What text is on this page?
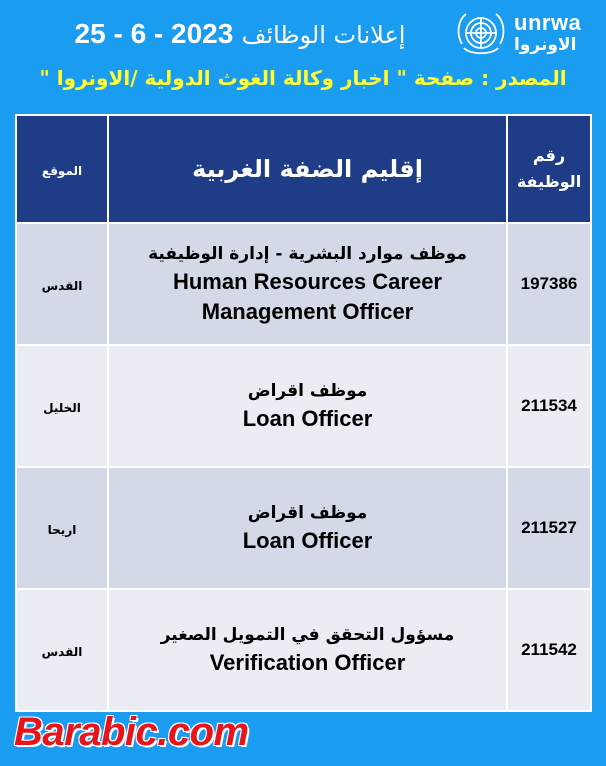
25 - 6 - 2023 إعلانات الوظائف	unrwa
الاونروا
المصدر : صفحة " اخبار وكالة الغوث الدولية /الاونروا "
الموقع	إقليم الضفة الغربية	رقم
الوظيفة

القدس	موظف موارد البشرية - إدارة الوظيفية
Human Resources Career
Management Officer	197386
الخليل	موظف اقراض
Loan Officer	211534
اريحا	موظف اقراض
Loan Officer	211527
القدس	مسؤول التحقق في التمويل الصغير
Verification Officer	211542
Barabic.com
